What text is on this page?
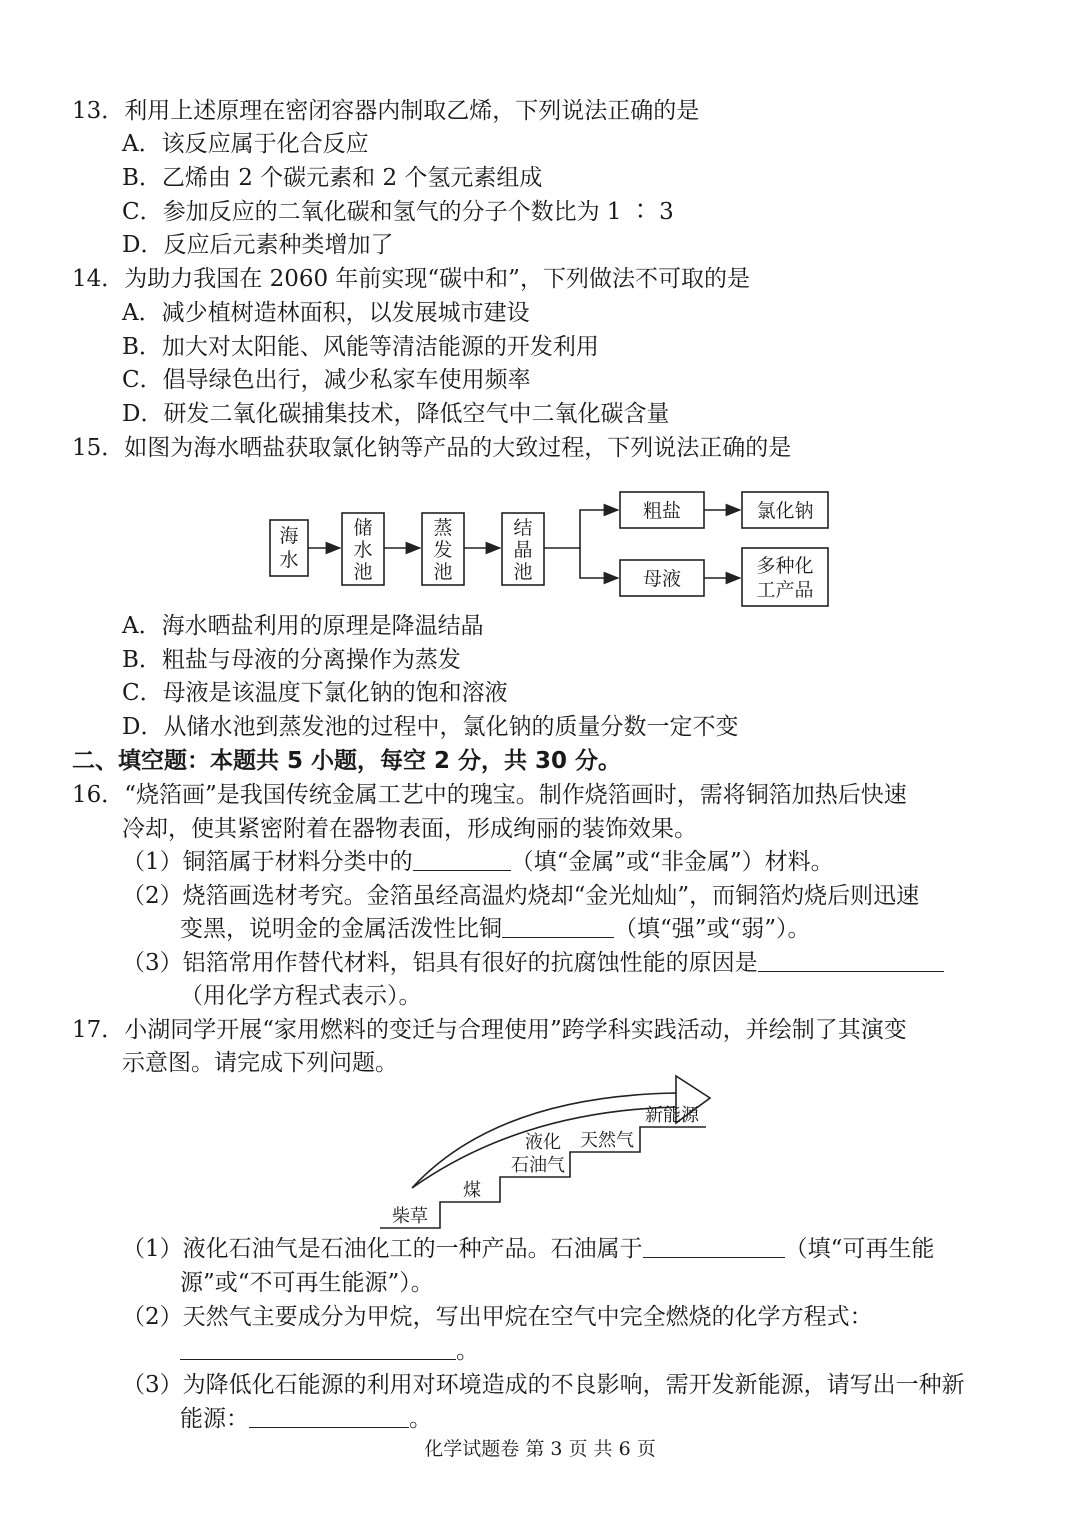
13．利用上述原理在密闭容器内制取乙烯，下列说法正确的是
A．该反应属于化合反应
B．乙烯由 2 个碳元素和 2 个氢元素组成
C．参加反应的二氧化碳和氢气的分子个数比为 1 ∶ 3
D．反应后元素种类增加了
14．为助力我国在 2060 年前实现“碳中和”，下列做法不可取的是
A．减少植树造林面积，以发展城市建设
B．加大对太阳能、风能等清洁能源的开发利用
C．倡导绿色出行，减少私家车使用频率
D．研发二氧化碳捕集技术，降低空气中二氧化碳含量
15．如图为海水晒盐获取氯化钠等产品的大致过程，下列说法正确的是
海
水
储
水
池
蒸
发
池
结
晶
池
粗盐	氯化钠
母液
多种化
工产品
柴草
煤
石油气
液化 天然气
新能源
A．海水晒盐利用的原理是降温结晶
B．粗盐与母液的分离操作为蒸发
C．母液是该温度下氯化钠的饱和溶液
D．从储水池到蒸发池的过程中，氯化钠的质量分数一定不变
二、填空题：本题共 5 小题，每空 2 分，共 30 分。
16．“烧箔画”是我国传统金属工艺中的瑰宝。制作烧箔画时，需将铜箔加热后快速
冷却，使其紧密附着在器物表面，形成绚丽的装饰效果。
（1）铜箔属于材料分类中的	（填“金属”或“非金属”）材料。
（2）烧箔画选材考究。金箔虽经高温灼烧却“金光灿灿”，而铜箔灼烧后则迅速
变黑，说明金的金属活泼性比铜	（填“强”或“弱”）。
（3）铝箔常用作替代材料，铝具有很好的抗腐蚀性能的原因是
（用化学方程式表示）。
17．小湖同学开展“家用燃料的变迁与合理使用”跨学科实践活动，并绘制了其演变
示意图。请完成下列问题。
（1）液化石油气是石油化工的一种产品。石油属于	（填“可再生能
源”或“不可再生能源”）。
（2）天然气主要成分为甲烷，写出甲烷在空气中完全燃烧的化学方程式：
。
（3）为降低化石能源的利用对环境造成的不良影响，需开发新能源，请写出一种新
能源：	。
化学试题卷 第 3 页 共 6 页
